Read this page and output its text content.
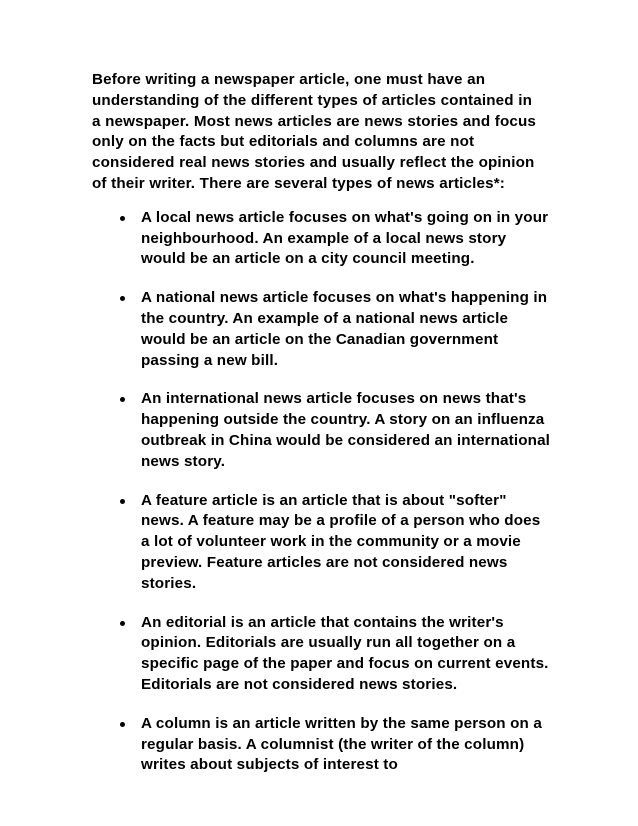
Before writing a newspaper article, one must have an understanding of the different types of articles contained in a newspaper. Most news articles are news stories and focus only on the facts but editorials and columns are not considered real news stories and usually reflect the opinion of their writer. There are several types of news articles*:

A local news article focuses on what's going on in your neighbourhood. An example of a local news story would be an article on a city council meeting.
A national news article focuses on what's happening in the country. An example of a national news article would be an article on the Canadian government passing a new bill.
An international news article focuses on news that's happening outside the country. A story on an influenza outbreak in China would be considered an international news story.
A feature article is an article that is about "softer" news. A feature may be a profile of a person who does a lot of volunteer work in the community or a movie preview. Feature articles are not considered news stories.
An editorial is an article that contains the writer's opinion. Editorials are usually run all together on a specific page of the paper and focus on current events. Editorials are not considered news stories.
A column is an article written by the same person on a regular basis. A columnist (the writer of the column) writes about subjects of interest to
